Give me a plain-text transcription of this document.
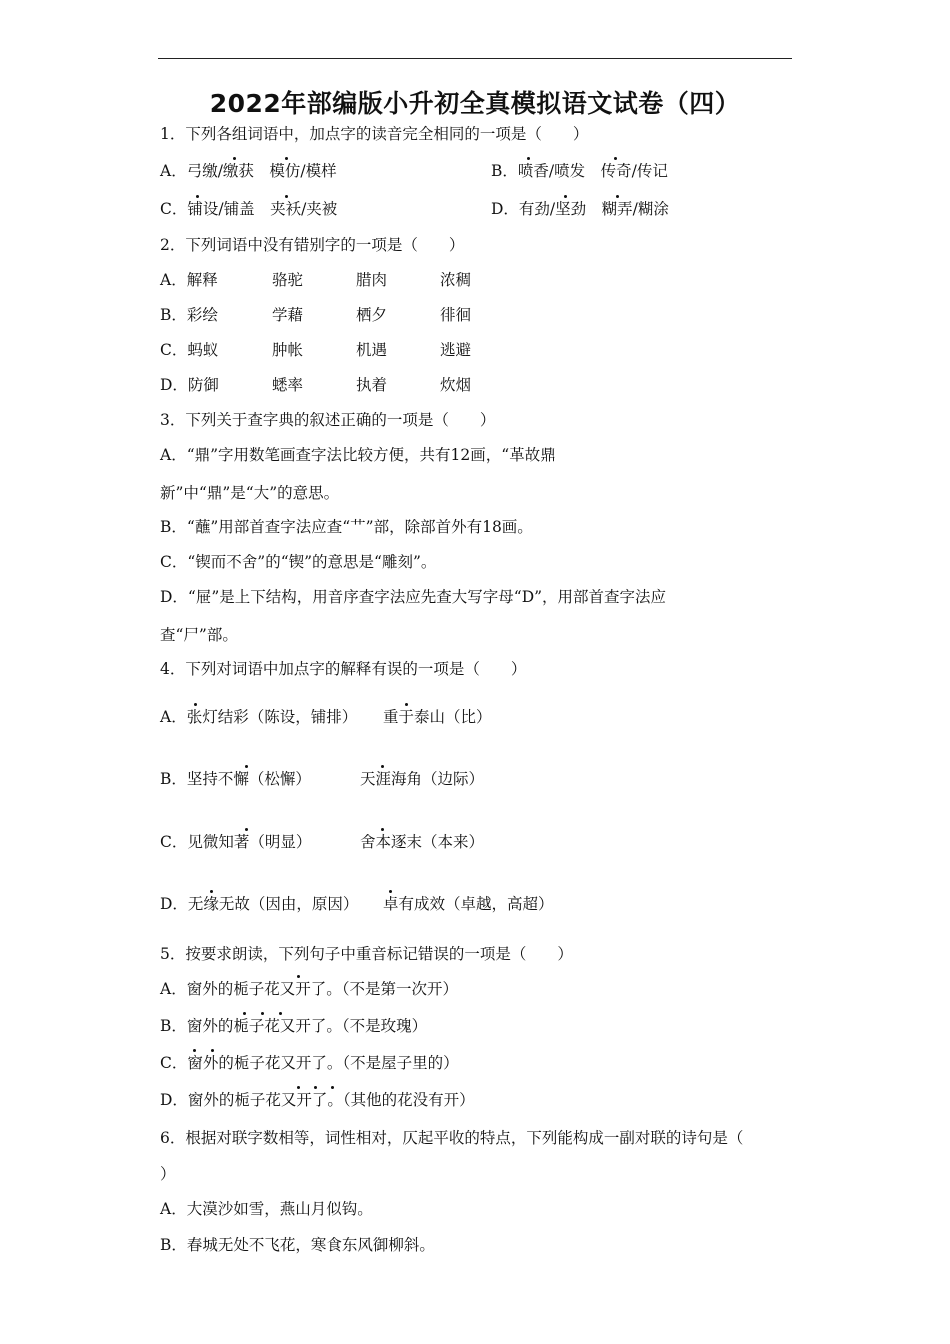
2022年部编版小升初全真模拟语文试卷（四）
1．下列各组词语中，加点字的读音完全相同的一项是（　　）
A．弓缴/缴获　模仿/模样	B．喷香/喷发　传奇/传记
C．铺设/铺盖　夹袄/夹被	D．有劲/坚劲　糊弄/糊涂
2．下列词语中没有错别字的一项是（　　）
A．解释	骆驼	腊肉	浓稠
B．彩绘	学藉	栖夕	徘徊
C．蚂蚁	肿帐	机遇	逃避
D．防御	蟋率	执着	炊烟
3．下列关于查字典的叙述正确的一项是（　　）
A．“鼎”字用数笔画查字法比较方便，共有12画，“革故鼎
新”中“鼎”是“大”的意思。
B．“蘸”用部首查字法应查“艹”部，除部首外有18画。
C．“锲而不舍”的“锲”的意思是“雕刻”。
D．“屉”是上下结构，用音序查字法应先查大写字母“D”，用部首查字法应
查“尸”部。
4．下列对词语中加点字的解释有误的一项是（　　）
A．张灯结彩（陈设，铺排） 重于泰山（比）
B．坚持不懈（松懈）	天涯海角（边际）
C．见微知著（明显）	舍本逐末（本来）
D．无缘无故（因由，原因） 卓有成效（卓越，高超）
5．按要求朗读，下列句子中重音标记错误的一项是（　　）
A．窗外的栀子花又开了。（不是第一次开）
B．窗外的栀子花又开了。（不是玫瑰）
C．窗外的栀子花又开了。（不是屋子里的）
D．窗外的栀子花又开了。（其他的花没有开）
6．根据对联字数相等，词性相对，仄起平收的特点，下列能构成一副对联的诗句是（
）
A．大漠沙如雪，燕山月似钩。
B．春城无处不飞花，寒食东风御柳斜。
